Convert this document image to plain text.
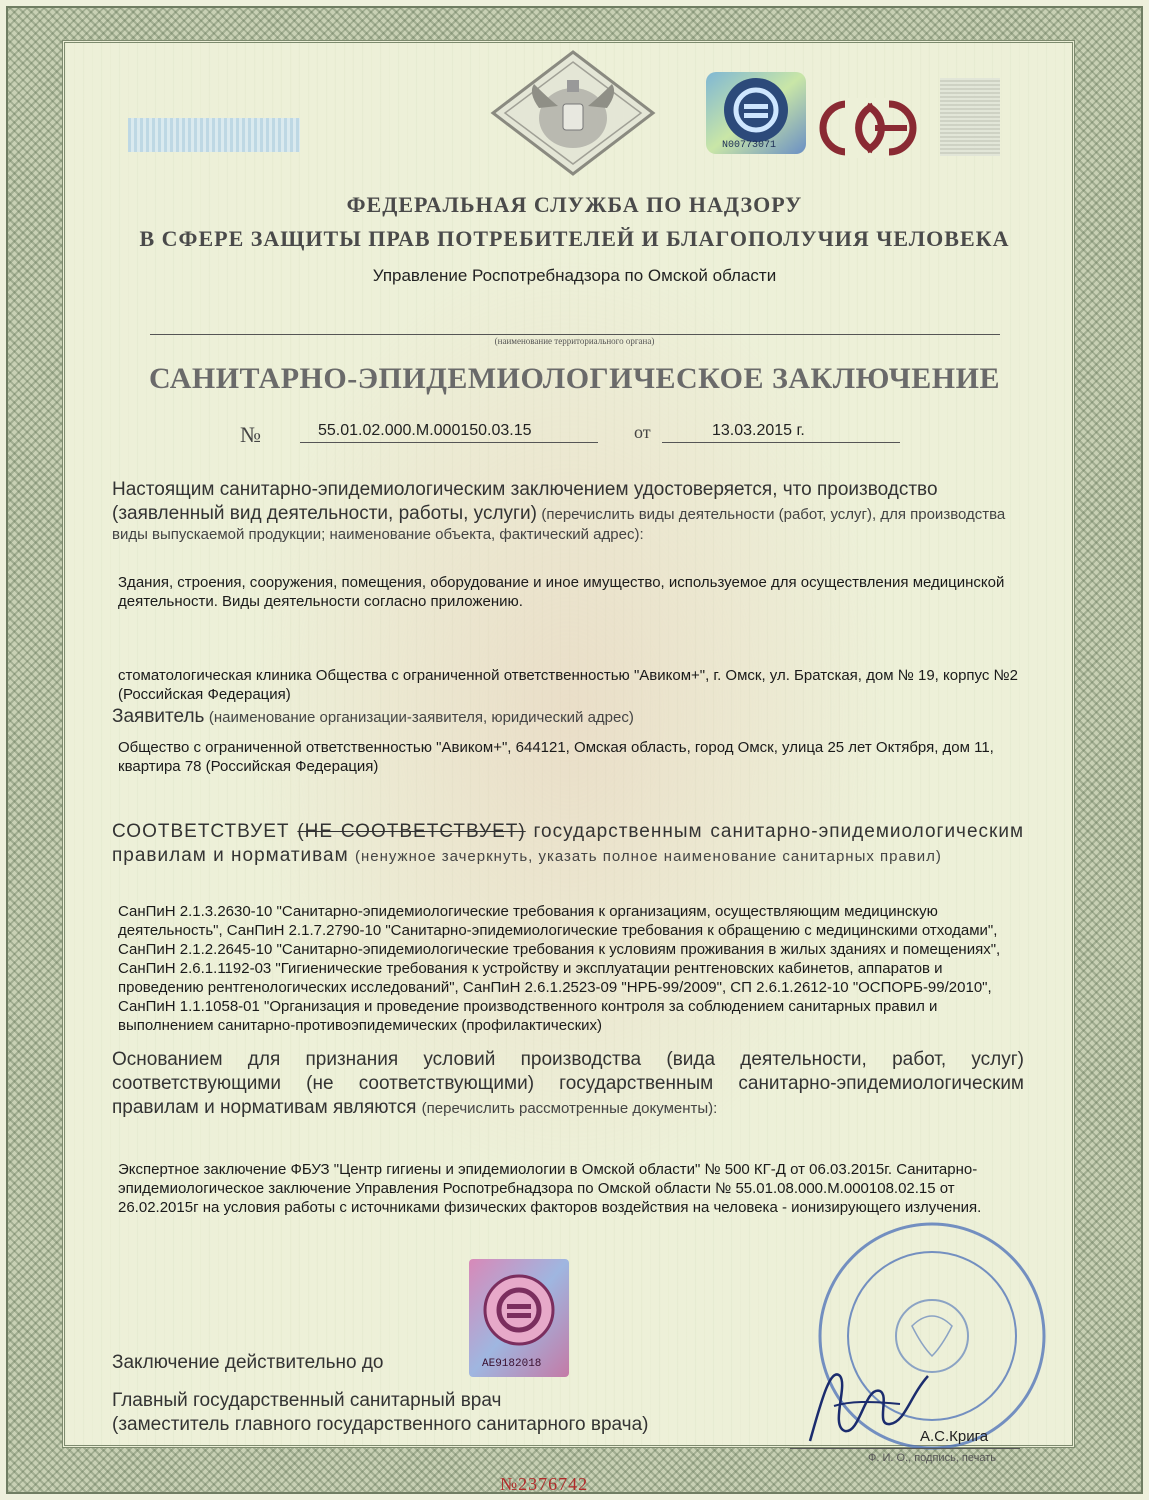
N00773071
ФЕДЕРАЛЬНАЯ СЛУЖБА ПО НАДЗОРУ
В СФЕРЕ ЗАЩИТЫ ПРАВ ПОТРЕБИТЕЛЕЙ И БЛАГОПОЛУЧИЯ ЧЕЛОВЕКА
Управление Роспотребнадзора по Омской области
(наименование территориального органа)
САНИТАРНО-ЭПИДЕМИОЛОГИЧЕСКОЕ ЗАКЛЮЧЕНИЕ
№	55.01.02.000.М.000150.03.15	от	13.03.2015 г.
Настоящим санитарно-эпидемиологическим заключением удостоверяется, что производство (заявленный вид деятельности, работы, услуги) (перечислить виды деятельности (работ, услуг), для производства виды выпускаемой продукции; наименование объекта, фактический адрес):
Здания, строения, сооружения, помещения, оборудование и иное имущество, используемое для осуществления медицинской деятельности. Виды деятельности согласно приложению.
стоматологическая клиника Общества с ограниченной ответственностью "Авиком+", г. Омск, ул. Братская, дом № 19, корпус №2 (Российская Федерация)
Заявитель (наименование организации-заявителя, юридический адрес)
Общество с ограниченной ответственностью "Авиком+", 644121, Омская область, город Омск, улица 25 лет Октября, дом 11, квартира 78 (Российская Федерация)
СООТВЕТСТВУЕТ (НЕ СООТВЕТСТВУЕТ) государственным санитарно-эпидемиологическим правилам и нормативам (ненужное зачеркнуть, указать полное наименование санитарных правил)
СанПиН 2.1.3.2630-10 "Санитарно-эпидемиологические требования к организациям, осуществляющим медицинскую деятельность", СанПиН 2.1.7.2790-10 "Санитарно-эпидемиологические требования к обращению с медицинскими отходами", СанПиН 2.1.2.2645-10 "Санитарно-эпидемиологические требования к условиям проживания в жилых зданиях и помещениях", СанПиН 2.6.1.1192-03 "Гигиенические требования к устройству и эксплуатации рентгеновских кабинетов, аппаратов и проведению рентгенологических исследований", СанПиН 2.6.1.2523-09 "НРБ-99/2009", СП 2.6.1.2612-10 "ОСПОРБ-99/2010", СанПиН 1.1.1058-01 "Организация и проведение производственного контроля за соблюдением санитарных правил и выполнением санитарно-противоэпидемических (профилактических)
Основанием для признания условий производства (вида деятельности, работ, услуг) соответствующими (не соответствующими) государственным санитарно-эпидемиологическим правилам и нормативам являются (перечислить рассмотренные документы):
Экспертное заключение ФБУЗ "Центр гигиены и эпидемиологии в Омской области" № 500 КГ-Д от 06.03.2015г. Санитарно-эпидемиологическое заключение Управления Роспотребнадзора по Омской области № 55.01.08.000.М.000108.02.15 от 26.02.2015г на условия работы с источниками физических факторов воздействия на человека - ионизирующего излучения.
AE9182018
Заключение действительно до
Главный государственный санитарный врач
(заместитель главного государственного санитарного врача)
А.С.Крига
Ф. И. О., подпись, печать
№2376742
